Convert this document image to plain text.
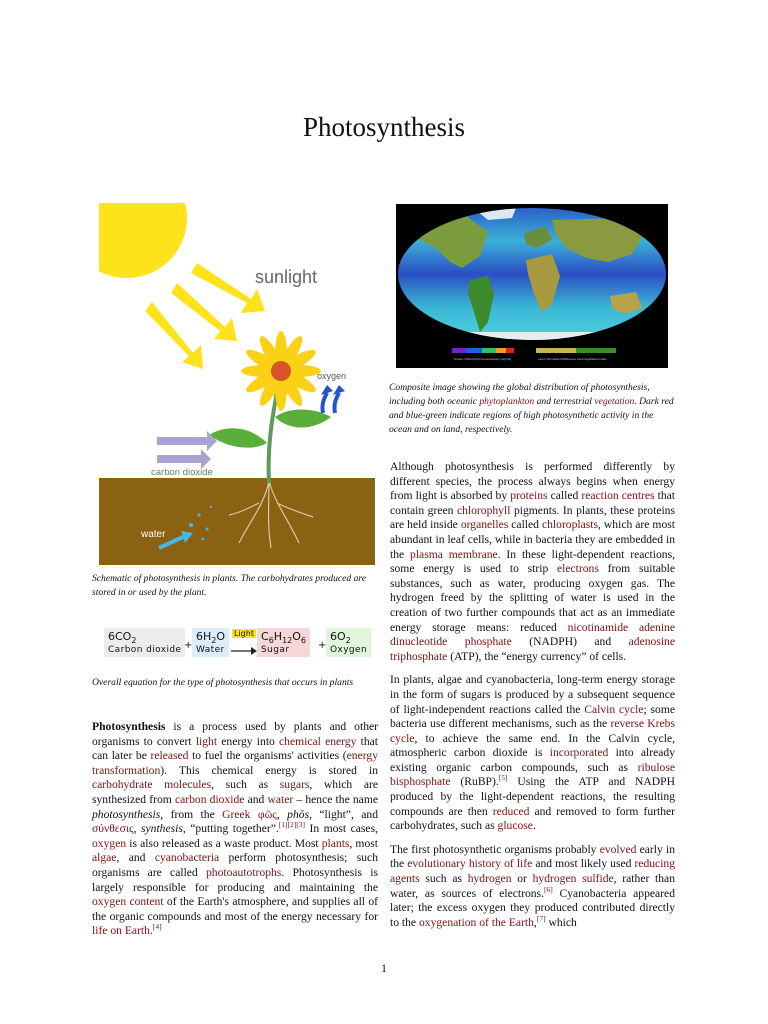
Photosynthesis
sunlight
water
oxygen
carbon dioxide
Schematic of photosynthesis in plants. The carbohydrates produced are stored in or used by the plant.
$6CO_2$
Carbon dioxide +
$6H_2O$
Water
Light $C_6H_{12}O_6$
Sugar	+
$6O_2$
Oxygen
Overall equation for the type of photosynthesis that occurs in plants

Photosynthesis is a process used by plants and other organisms to convert light energy into chemical energy that can later be released to fuel the organisms' activities (energy transformation). This chemical energy is stored in carbohydrate molecules, such as sugars, which are synthesized from carbon dioxide and water – hence the name photosynthesis, from the Greek φῶς, phōs, “light”, and σύνθεσις, synthesis, “putting together”.[1][2][3] In most cases, oxygen is also released as a waste product. Most plants, most algae, and cyanobacteria perform photosynthesis; such organisms are called photoautotrophs. Photosynthesis is largely responsible for producing and maintaining the oxygen content of the Earth's atmosphere, and supplies all of the organic compounds and most of the energy necessary for life on Earth.[4]

Ocean: Chlorophyll Concentration (mg/m3)	Land: Normalized Difference Land Vegetation Index
Composite image showing the global distribution of photosynthesis, including both oceanic phytoplankton and terrestrial vegetation. Dark red and blue-green indicate regions of high photosynthetic activity in the ocean and on land, respectively.

Although photosynthesis is performed differently by different species, the process always begins when energy from light is absorbed by proteins called reaction centres that contain green chlorophyll pigments. In plants, these proteins are held inside organelles called chloroplasts, which are most abundant in leaf cells, while in bacteria they are embedded in the plasma membrane. In these light-dependent reactions, some energy is used to strip electrons from suitable substances, such as water, producing oxygen gas. The hydrogen freed by the splitting of water is used in the creation of two further compounds that act as an immediate energy storage means: reduced nicotinamide adenine dinucleotide phosphate (NADPH) and adenosine triphosphate (ATP), the “energy currency” of cells.

In plants, algae and cyanobacteria, long-term energy storage in the form of sugars is produced by a subsequent sequence of light-independent reactions called the Calvin cycle; some bacteria use different mechanisms, such as the reverse Krebs cycle, to achieve the same end. In the Calvin cycle, atmospheric carbon dioxide is incorporated into already existing organic carbon compounds, such as ribulose bisphosphate (RuBP).[5] Using the ATP and NADPH produced by the light-dependent reactions, the resulting compounds are then reduced and removed to form further carbohydrates, such as glucose.

The first photosynthetic organisms probably evolved early in the evolutionary history of life and most likely used reducing agents such as hydrogen or hydrogen sulfide, rather than water, as sources of electrons.[6] Cyanobacteria appeared later; the excess oxygen they produced contributed directly to the oxygenation of the Earth,[7] which

1
